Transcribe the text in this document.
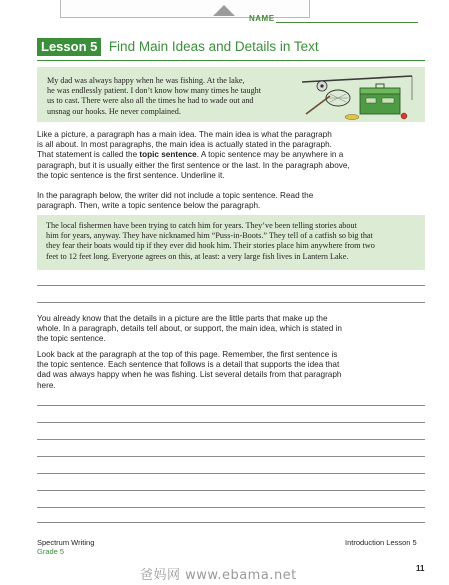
NAME
Lesson 5 Find Main Ideas and Details in Text
My dad was always happy when he was fishing. At the lake,
he was endlessly patient. I don’t know how many times he taught
us to cast. There were also all the times he had to wade out and
unsnag our hooks. He never complained.
Like a picture, a paragraph has a main idea. The main idea is what the paragraph
is all about. In most paragraphs, the main idea is actually stated in the paragraph.
That statement is called the topic sentence. A topic sentence may be anywhere in a
paragraph, but it is usually either the first sentence or the last. In the paragraph above,
the topic sentence is the first sentence. Underline it.
In the paragraph below, the writer did not include a topic sentence. Read the
paragraph. Then, write a topic sentence below the paragraph.
The local fishermen have been trying to catch him for years. They’ve been telling stories about
him for years, anyway. They have nicknamed him “Puss-in-Boots.” They tell of a catfish so big that
they fear their boats would tip if they ever did hook him. Their stories place him anywhere from two
feet to 12 feet long. Everyone agrees on this, at least: a very large fish lives in Lantern Lake.
You already know that the details in a picture are the little parts that make up the
whole. In a paragraph, details tell about, or support, the main idea, which is stated in
the topic sentence.
Look back at the paragraph at the top of this page. Remember, the first sentence is
the topic sentence. Each sentence that follows is a detail that supports the idea that
dad was always happy when he was fishing. List several details from that paragraph
here.
Spectrum Writing
Grade 5
Introduction Lesson 5
爸妈网 www.ebama.net	11
